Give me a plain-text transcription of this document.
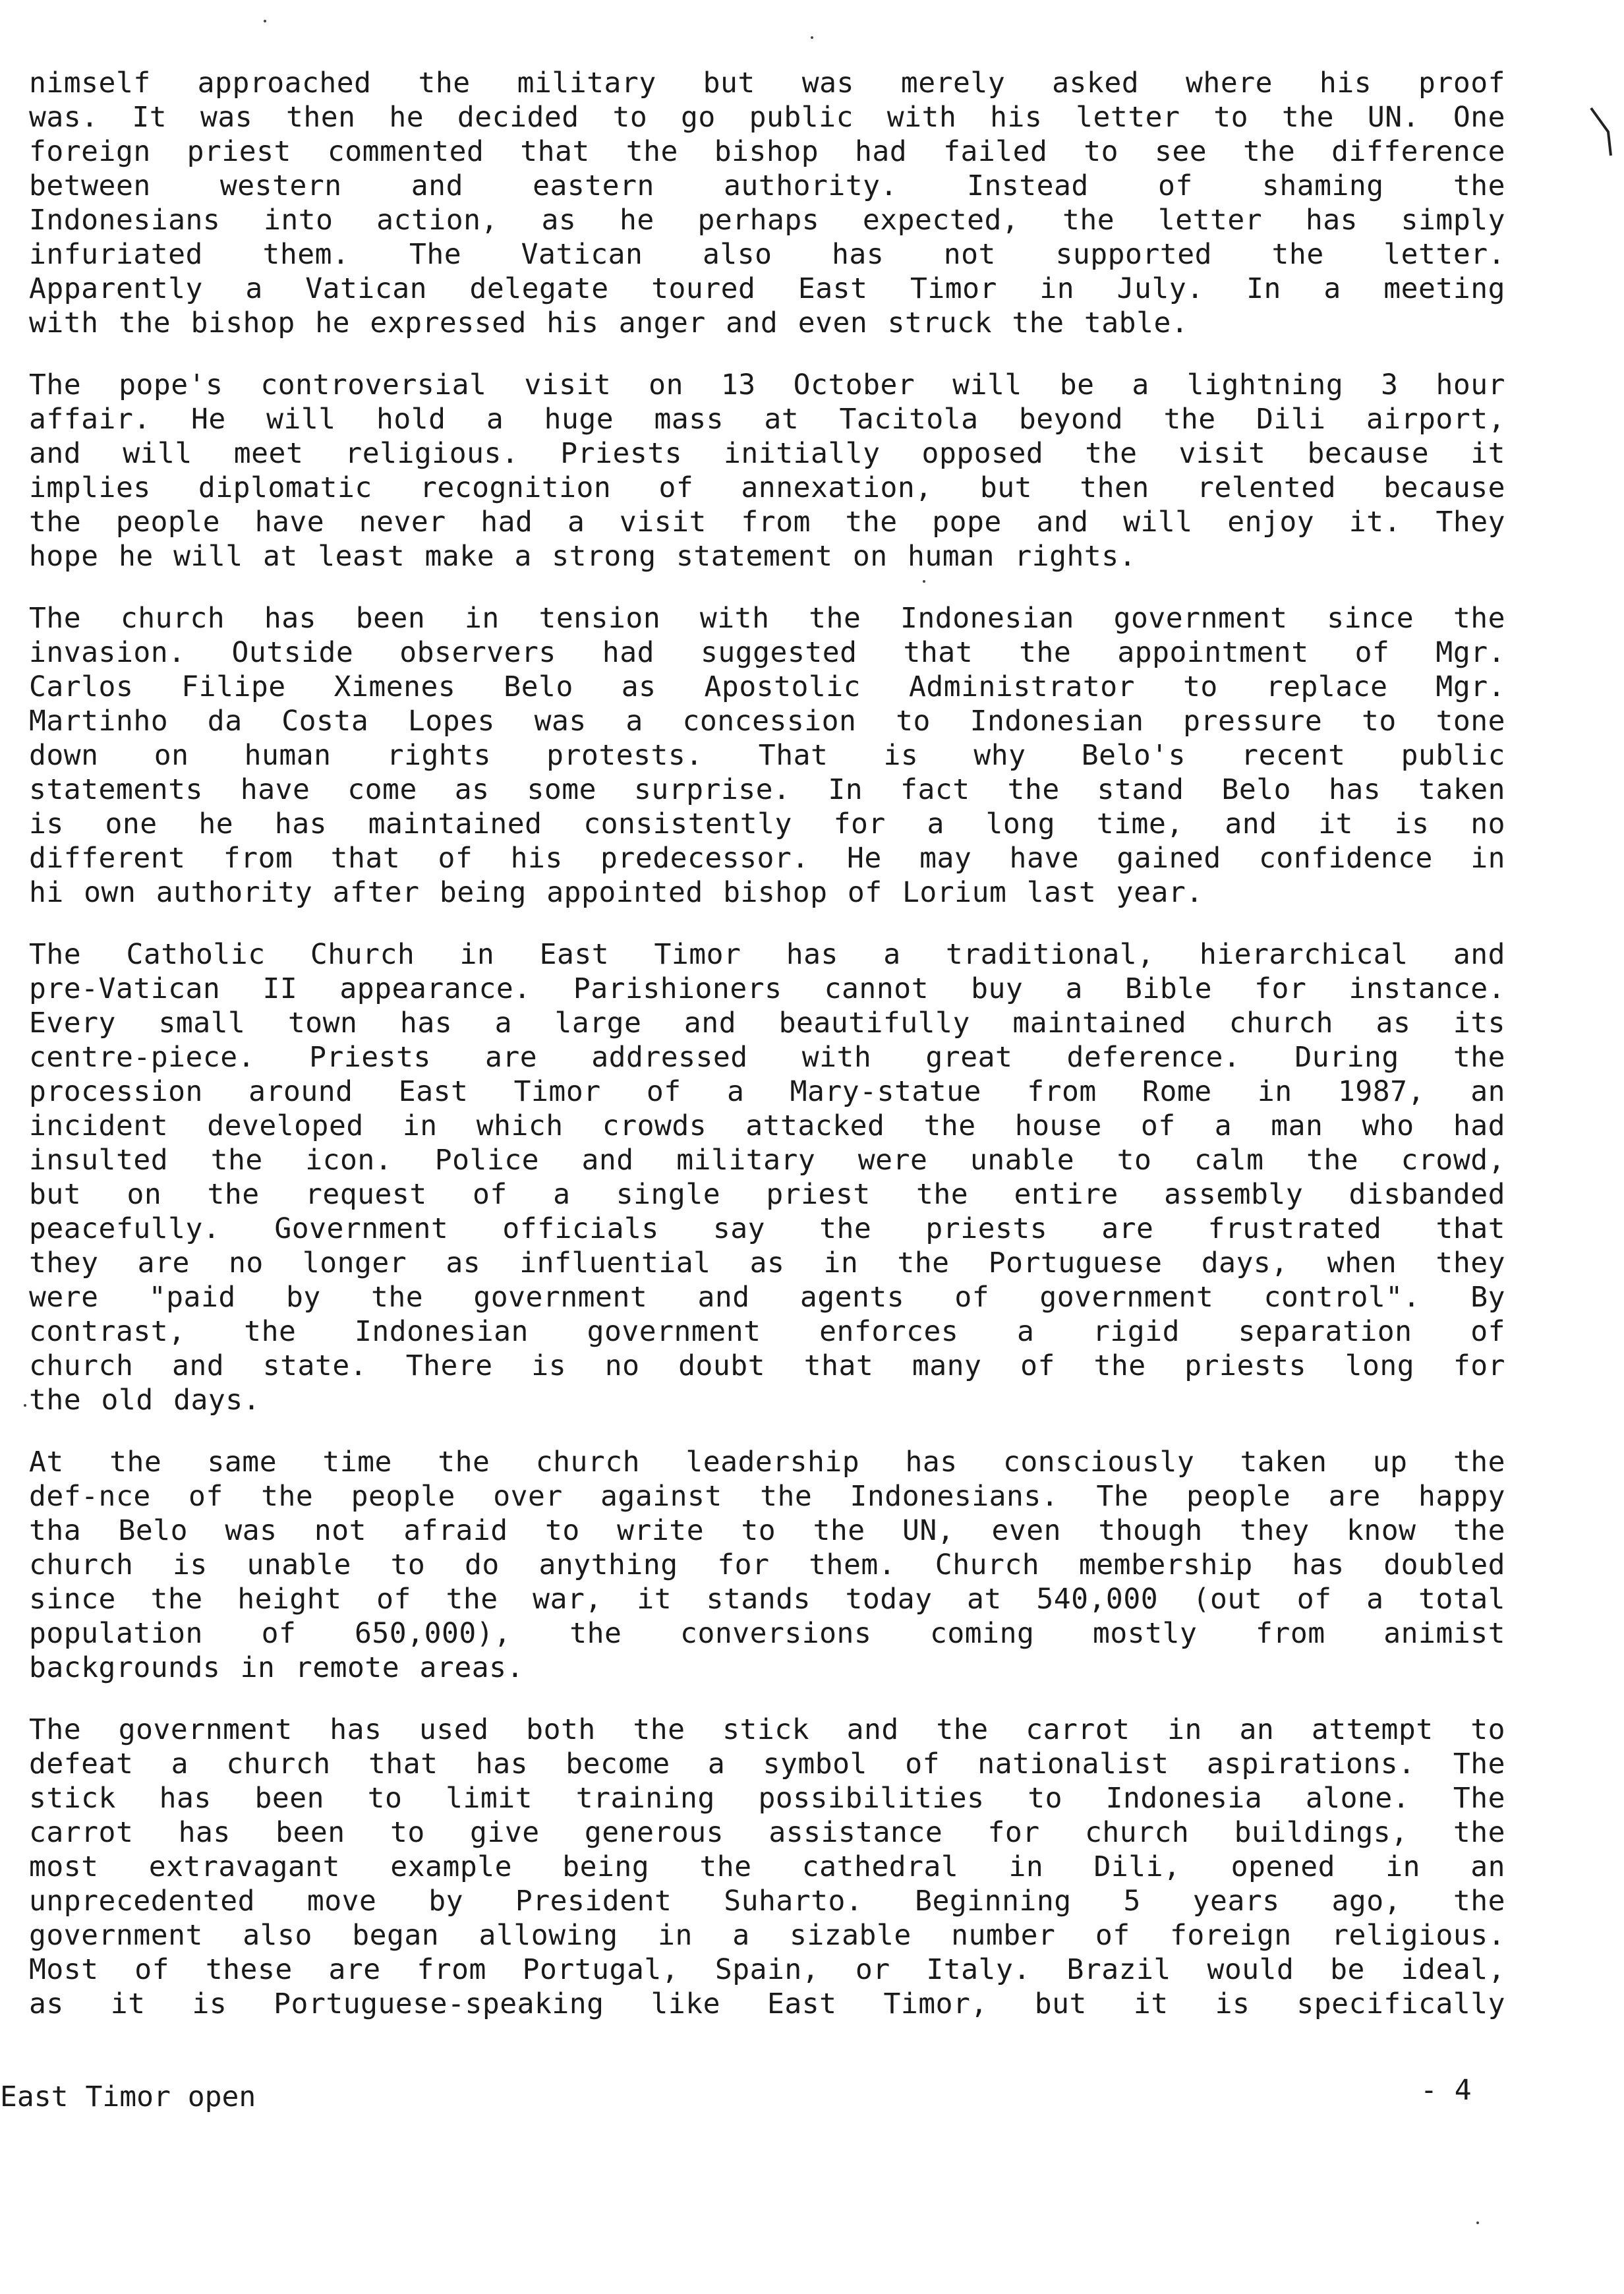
nimself approached the military but was merely asked where his proof
was. It was then he decided to go public with his letter to the UN. One
foreign priest commented that the bishop had failed to see the difference
between western and eastern authority. Instead of shaming the
Indonesians into action, as he perhaps expected, the letter has simply
infuriated them. The Vatican also has not supported the letter.
Apparently a Vatican delegate toured East Timor in July. In a meeting
with the bishop he expressed his anger and even struck the table.
The pope's controversial visit on 13 October will be a lightning 3 hour
affair. He will hold a huge mass at Tacitola beyond the Dili airport,
and will meet religious. Priests initially opposed the visit because it
implies diplomatic recognition of annexation, but then relented because
the people have never had a visit from the pope and will enjoy it. They
hope he will at least make a strong statement on human rights.
The church has been in tension with the Indonesian government since the
invasion. Outside observers had suggested that the appointment of Mgr.
Carlos Filipe Ximenes Belo as Apostolic Administrator to replace Mgr.
Martinho da Costa Lopes was a concession to Indonesian pressure to tone
down on human rights protests. That is why Belo's recent public
statements have come as some surprise. In fact the stand Belo has taken
is one he has maintained consistently for a long time, and it is no
different from that of his predecessor. He may have gained confidence in
hi own authority after being appointed bishop of Lorium last year.
The Catholic Church in East Timor has a traditional, hierarchical and
pre-Vatican II appearance. Parishioners cannot buy a Bible for instance.
Every small town has a large and beautifully maintained church as its
centre-piece. Priests are addressed with great deference. During the
procession around East Timor of a Mary-statue from Rome in 1987, an
incident developed in which crowds attacked the house of a man who had
insulted the icon. Police and military were unable to calm the crowd,
but on the request of a single priest the entire assembly disbanded
peacefully. Government officials say the priests are frustrated that
they are no longer as influential as in the Portuguese days, when they
were "paid by the government and agents of government control". By
contrast, the Indonesian government enforces a rigid separation of
church and state. There is no doubt that many of the priests long for
the old days.
At the same time the church leadership has consciously taken up the
def-nce of the people over against the Indonesians. The people are happy
tha Belo was not afraid to write to the UN, even though they know the
church is unable to do anything for them. Church membership has doubled
since the height of the war, it stands today at 540,000 (out of a total
population of 650,000), the conversions coming mostly from animist
backgrounds in remote areas.
The government has used both the stick and the carrot in an attempt to
defeat a church that has become a symbol of nationalist aspirations. The
stick has been to limit training possibilities to Indonesia alone. The
carrot has been to give generous assistance for church buildings, the
most extravagant example being the cathedral in Dili, opened in an
unprecedented move by President Suharto. Beginning 5 years ago, the
government also began allowing in a sizable number of foreign religious.
Most of these are from Portugal, Spain, or Italy. Brazil would be ideal,
as it is Portuguese-speaking like East Timor, but it is specifically
East Timor open	- 4
